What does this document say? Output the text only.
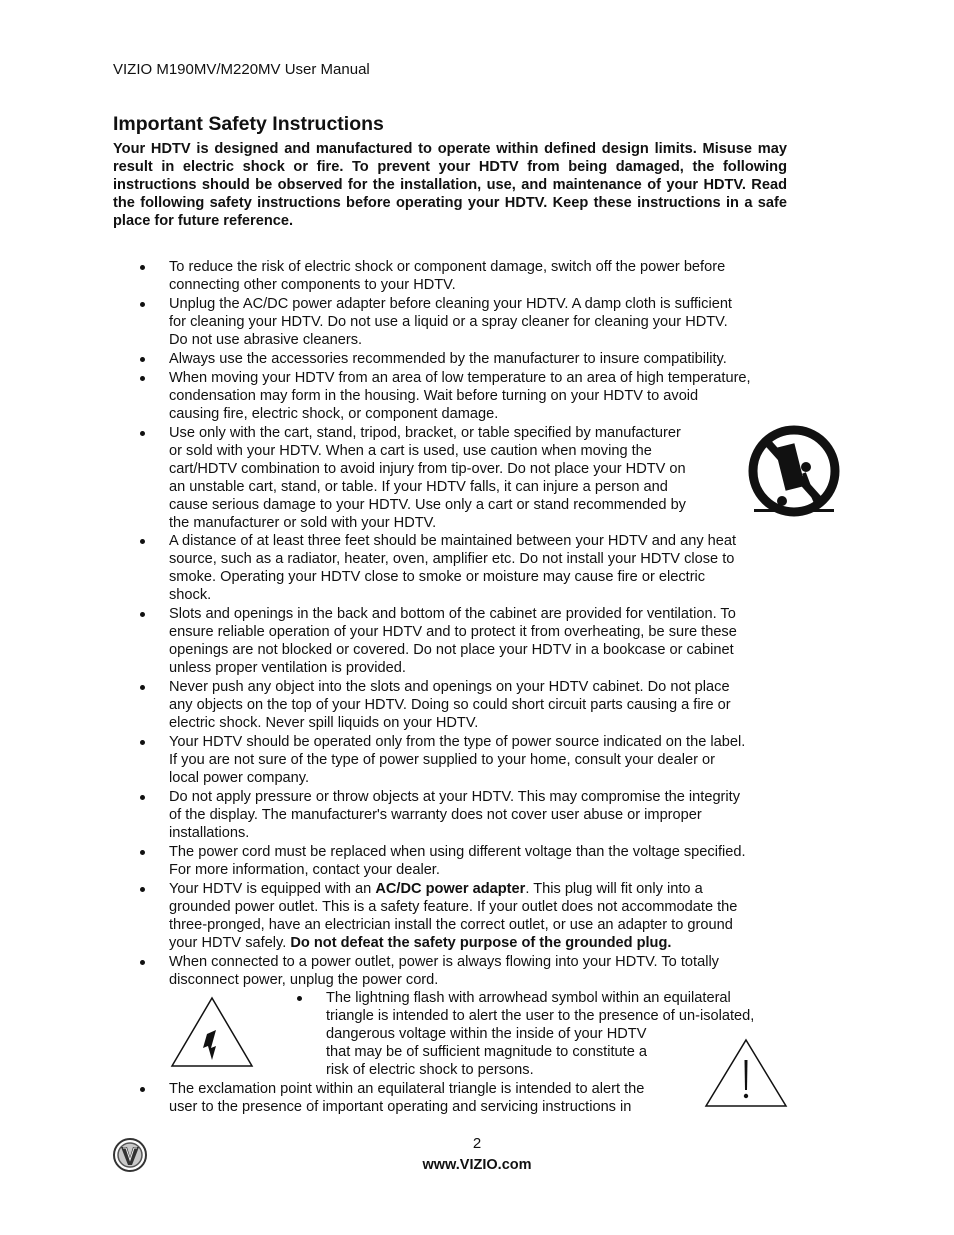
VIZIO M190MV/M220MV User Manual
Important Safety Instructions

Your HDTV is designed and manufactured to operate within defined design limits. Misuse may result in electric shock or fire. To prevent your HDTV from being damaged, the following instructions should be observed for the installation, use, and maintenance of your HDTV. Read the following safety instructions before operating your HDTV. Keep these instructions in a safe place for future reference.

To reduce the risk of electric shock or component damage, switch off the power before
connecting other components to your HDTV.
Unplug the AC/DC power adapter before cleaning your HDTV. A damp cloth is sufficient
for cleaning your HDTV. Do not use a liquid or a spray cleaner for cleaning your HDTV.
Do not use abrasive cleaners.
Always use the accessories recommended by the manufacturer to insure compatibility.
When moving your HDTV from an area of low temperature to an area of high temperature,
condensation may form in the housing. Wait before turning on your HDTV to avoid
causing fire, electric shock, or component damage.
Use only with the cart, stand, tripod, bracket, or table specified by manufacturer
or sold with your HDTV. When a cart is used, use caution when moving the
cart/HDTV combination to avoid injury from tip-over. Do not place your HDTV on
an unstable cart, stand, or table. If your HDTV falls, it can injure a person and
cause serious damage to your HDTV. Use only a cart or stand recommended by
the manufacturer or sold with your HDTV.
A distance of at least three feet should be maintained between your HDTV and any heat
source, such as a radiator, heater, oven, amplifier etc. Do not install your HDTV close to
smoke. Operating your HDTV close to smoke or moisture may cause fire or electric
shock.
Slots and openings in the back and bottom of the cabinet are provided for ventilation. To
ensure reliable operation of your HDTV and to protect it from overheating, be sure these
openings are not blocked or covered. Do not place your HDTV in a bookcase or cabinet
unless proper ventilation is provided.
Never push any object into the slots and openings on your HDTV cabinet. Do not place
any objects on the top of your HDTV. Doing so could short circuit parts causing a fire or
electric shock. Never spill liquids on your HDTV.
Your HDTV should be operated only from the type of power source indicated on the label.
If you are not sure of the type of power supplied to your home, consult your dealer or
local power company.
Do not apply pressure or throw objects at your HDTV. This may compromise the integrity
of the display. The manufacturer's warranty does not cover user abuse or improper
installations.
The power cord must be replaced when using different voltage than the voltage specified.
For more information, contact your dealer.
Your HDTV is equipped with an AC/DC power adapter. This plug will fit only into a
grounded power outlet. This is a safety feature. If your outlet does not accommodate the
three-pronged, have an electrician install the correct outlet, or use an adapter to ground
your HDTV safely. Do not defeat the safety purpose of the grounded plug.
When connected to a power outlet, power is always flowing into your HDTV. To totally
disconnect power, unplug the power cord.
The lightning flash with arrowhead symbol within an equilateral
triangle is intended to alert the user to the presence of un-isolated,
dangerous voltage within the inside of your HDTV
that may be of sufficient magnitude to constitute a
risk of electric shock to persons.
The exclamation point within an equilateral triangle is intended to alert the
user to the presence of important operating and servicing instructions in
2
www.VIZIO.com
